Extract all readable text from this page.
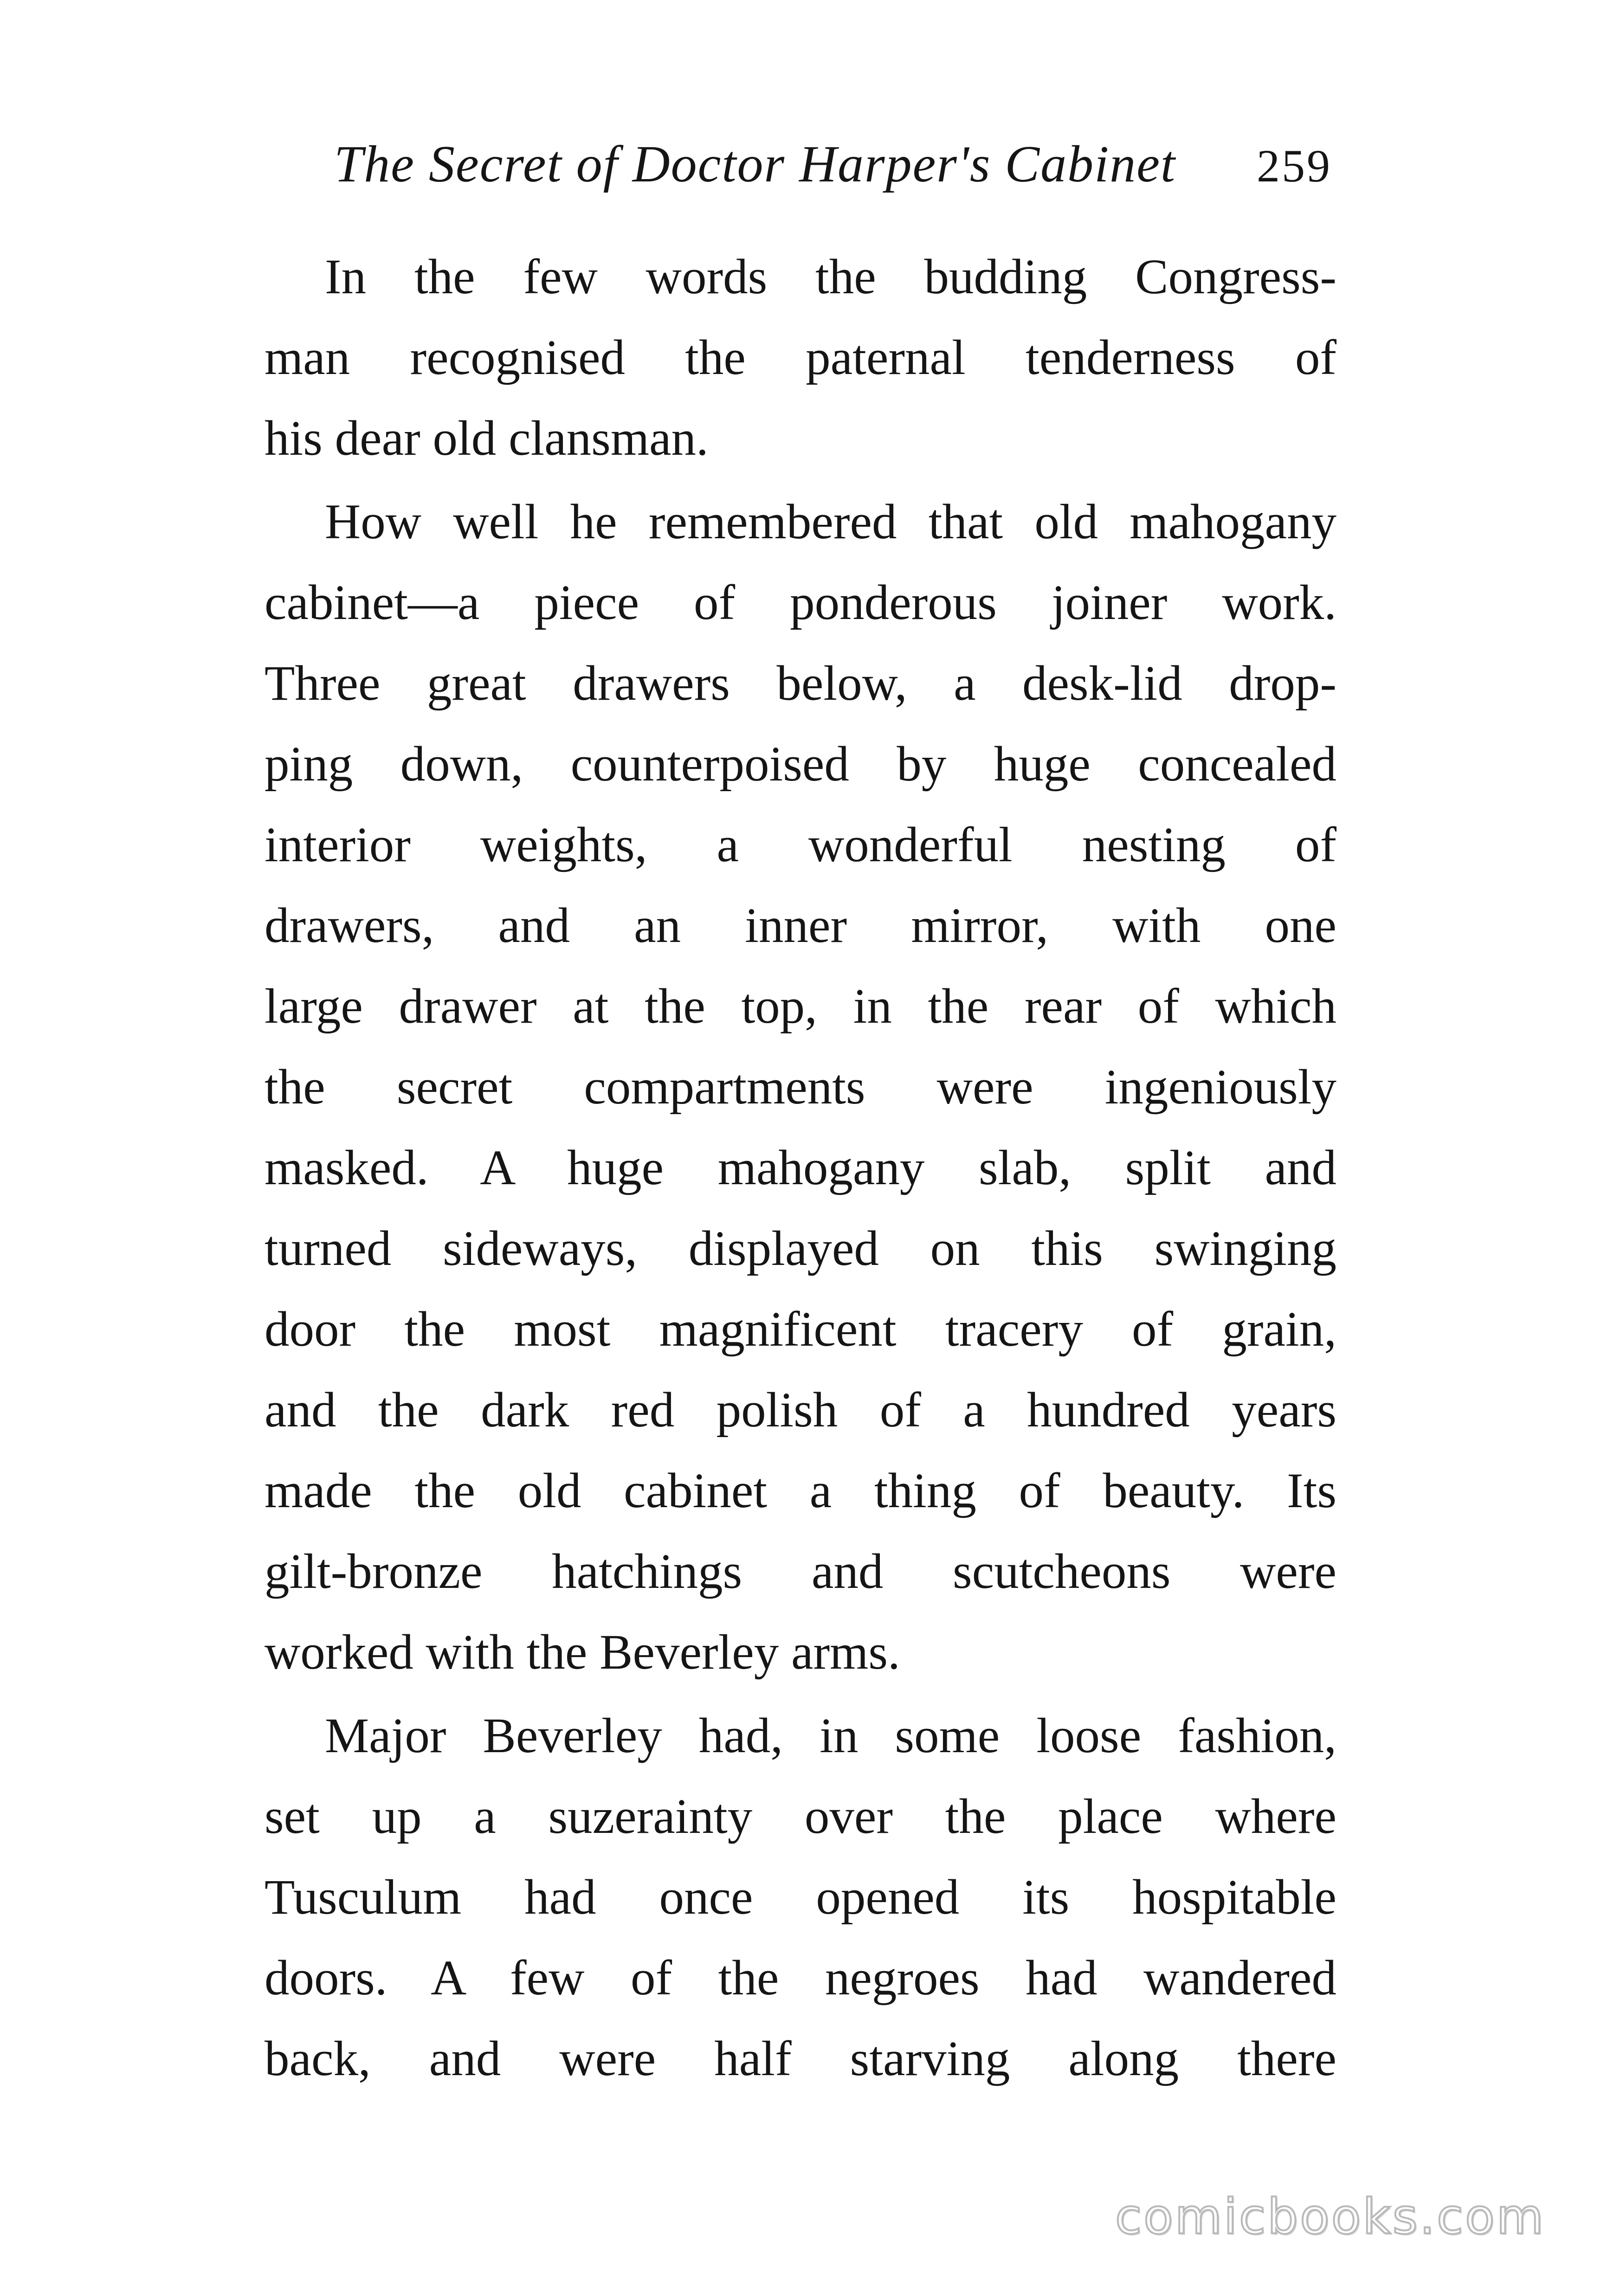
The Secret of Doctor Harper's Cabinet 259
In the few words the budding Congress-
man recognised the paternal tenderness of
his dear old clansman.
How well he remembered that old mahogany
cabinet—a piece of ponderous joiner work.
Three great drawers below, a desk-lid drop-
ping down, counterpoised by huge concealed
interior weights, a wonderful nesting of
drawers, and an inner mirror, with one
large drawer at the top, in the rear of which
the secret compartments were ingeniously
masked. A huge mahogany slab, split and
turned sideways, displayed on this swinging
door the most magnificent tracery of grain,
and the dark red polish of a hundred years
made the old cabinet a thing of beauty. Its
gilt-bronze hatchings and scutcheons were
worked with the Beverley arms.
Major Beverley had, in some loose fashion,
set up a suzerainty over the place where
Tusculum had once opened its hospitable
doors. A few of the negroes had wandered
back, and were half starving along there
comicbooks.com
